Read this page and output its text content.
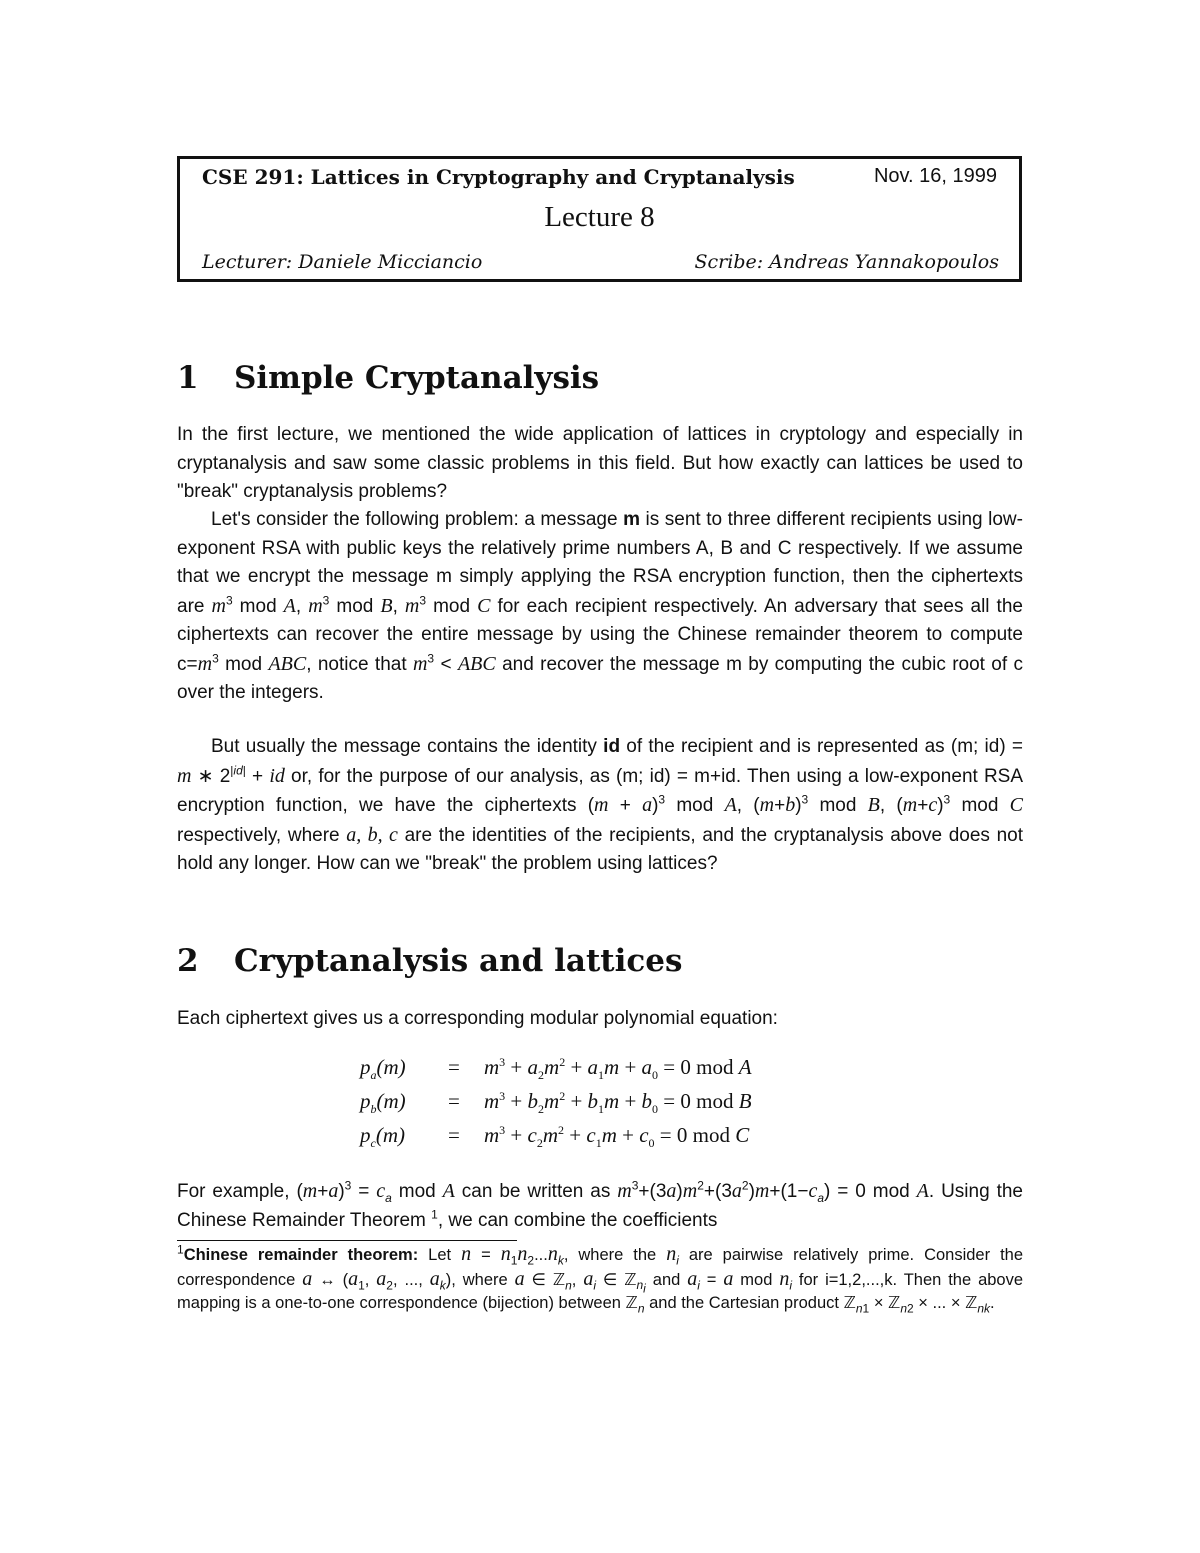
CSE 291: Lattices in Cryptography and Cryptanalysis	Nov. 16, 1999
Lecture 8
Lecturer: Daniele Micciancio	Scribe: Andreas Yannakopoulos
1 Simple Cryptanalysis

In the first lecture, we mentioned the wide application of lattices in cryptology and especially in cryptanalysis and saw some classic problems in this field. But how exactly can lattices be used to "break" cryptanalysis problems?

Let's consider the following problem: a message m is sent to three different recipients using low-exponent RSA with public keys the relatively prime numbers A, B and C respectively. If we assume that we encrypt the message m simply applying the RSA encryption function, then the ciphertexts are $m^3$ mod A, $m^3$ mod B, $m^3$ mod C for each recipient respectively. An adversary that sees all the ciphertexts can recover the entire message by using the Chinese remainder theorem to compute $c=m^3$ mod ABC, notice that $m^3$ < ABC and recover the message m by computing the cubic root of c over the integers.

But usually the message contains the identity id of the recipient and is represented as (m; id) = m ∗ $2^{|id|}$ + id or, for the purpose of our analysis, as (m; id) = m+id. Then using a low-exponent RSA encryption function, we have the ciphertexts $(m + a)^3$ mod A, $(m+b)^3$ mod B, $(m+c)^3$ mod C respectively, where a, b, c are the identities of the recipients, and the cryptanalysis above does not hold any longer. How can we "break" the problem using lattices?

2 Cryptanalysis and lattices

Each ciphertext gives us a corresponding modular polynomial equation:

$p_a(m)$	= $m^3 + a_2m^2 + a_1m + a_0 = 0$ mod A
$p_b(m)$	= $m^3 + b_2m^2 + b_1m + b_0 = 0$ mod B
$p_c(m)$	= $m^3 + c_2m^2 + c_1m + c_0 = 0$ mod C

For example, $(m+a)^3 = c_a$ mod A can be written as $m^3+(3a)m^2+(3a^2)m+(1-c_a) = 0$ mod A. Using the Chinese Remainder Theorem $^1$, we can combine the coefficients

$^1$Chinese remainder theorem: Let $n = n_1n_2...n_k$, where the $n_i$ are pairwise relatively prime. Consider the correspondence a ↔ ($a_1$, $a_2$, ..., $a_k$), where a ∈ ℤ$_n$, $a_i$ ∈ ℤ$_{n_i}$ and $a_i = a$ mod $n_i$ for i=1,2,...,k. Then the above mapping is a one-to-one correspondence (bijection) between ℤ$_n$ and the Cartesian product ℤ$_{n1}$ × ℤ$_{n2}$ × ... × ℤ$_{nk}$.
